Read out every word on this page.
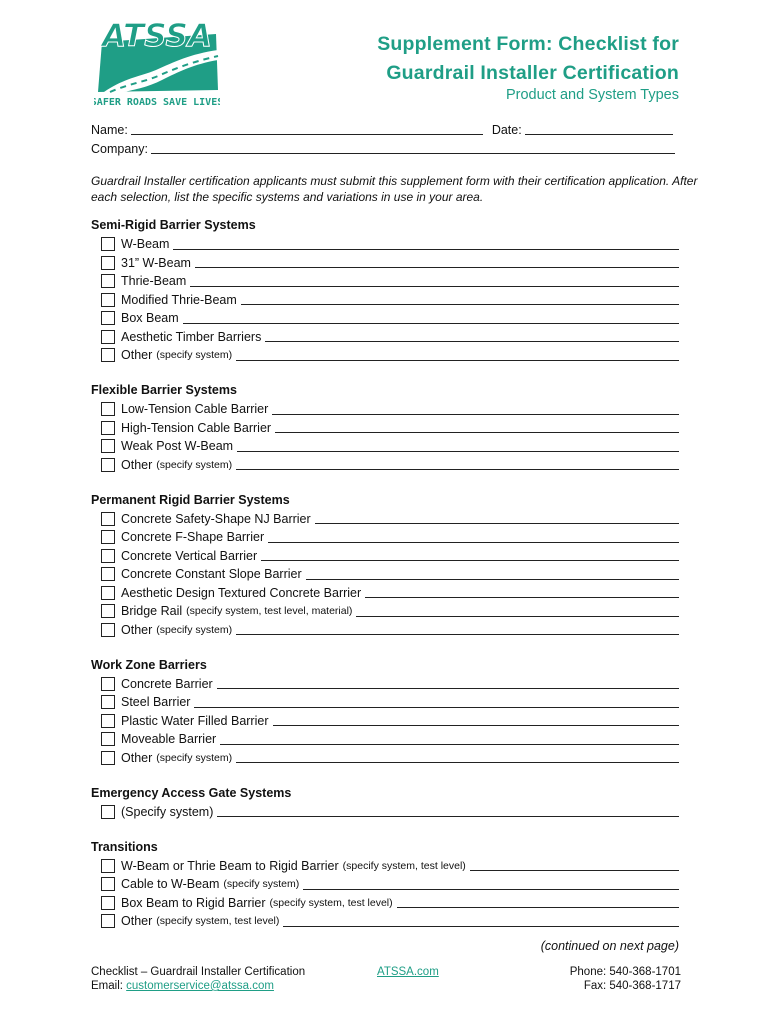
ATSSA
SAFER ROADS SAVE LIVES
Supplement Form: Checklist for
Guardrail Installer Certification
Product and System Types
Name:	Date:
Company:
Guardrail Installer certification applicants must submit this supplement form with their certification application. After each selection, list the specific systems and variations in use in your area.
Semi-Rigid Barrier Systems
W-Beam
31” W-Beam
Thrie-Beam
Modified Thrie-Beam
Box Beam
Aesthetic Timber Barriers
Other (specify system)
Flexible Barrier Systems
Low-Tension Cable Barrier
High-Tension Cable Barrier
Weak Post W-Beam
Other (specify system)
Permanent Rigid Barrier Systems
Concrete Safety-Shape NJ Barrier
Concrete F-Shape Barrier
Concrete Vertical Barrier
Concrete Constant Slope Barrier
Aesthetic Design Textured Concrete Barrier
Bridge Rail (specify system, test level, material)
Other (specify system)
Work Zone Barriers
Concrete Barrier
Steel Barrier
Plastic Water Filled Barrier
Moveable Barrier
Other (specify system)
Emergency Access Gate Systems
(Specify system)
Transitions
W-Beam or Thrie Beam to Rigid Barrier (specify system, test level)
Cable to W-Beam (specify system)
Box Beam to Rigid Barrier (specify system, test level)
Other (specify system, test level)
(continued on next page)
Checklist – Guardrail Installer Certification
Email: customerservice@atssa.com
ATSSA.com	Phone: 540-368-1701
Fax: 540-368-1717
